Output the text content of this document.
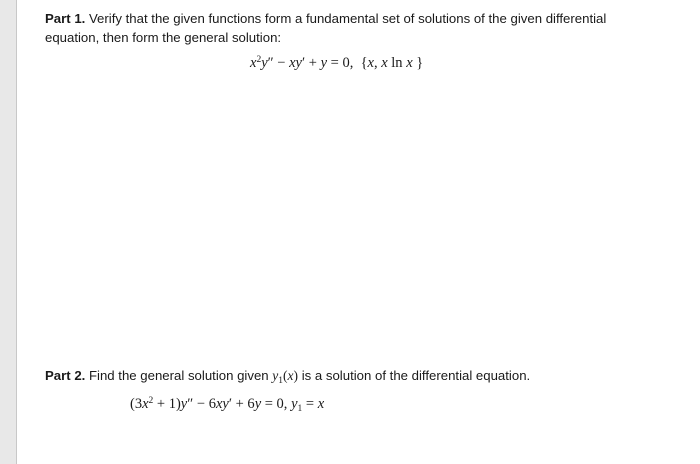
Part 1. Verify that the given functions form a fundamental set of solutions of the given differential
equation, then form the general solution:
$x^2y'' - xy' + y = 0$,  {x, x ln x }
Part 2. Find the general solution given $y_1(x)$ is a solution of the differential equation.
$(3x^2 + 1)y'' - 6xy' + 6y = 0$, $y_1 = x$
